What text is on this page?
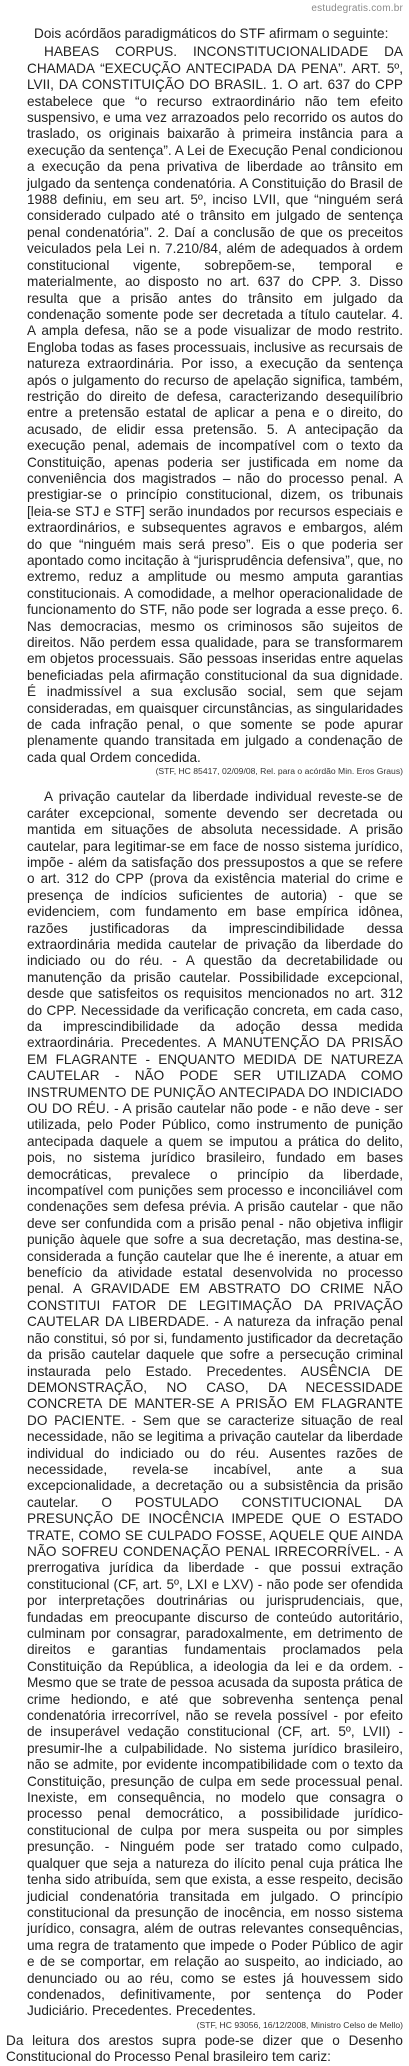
estudegratis.com.br

Dois acórdãos paradigmáticos do STF afirmam o seguinte:

HABEAS CORPUS. INCONSTITUCIONALIDADE DA CHAMADA “EXECUÇÃO ANTECIPADA DA PENA”. ART. 5º, LVII, DA CONSTITUIÇÃO DO BRASIL. 1. O art. 637 do CPP estabelece que “o recurso extraordinário não tem efeito suspensivo, e uma vez arrazoados pelo recorrido os autos do traslado, os originais baixarão à primeira instância para a execução da sentença”. A Lei de Execução Penal condicionou a execução da pena privativa de liberdade ao trânsito em julgado da sentença condenatória. A Constituição do Brasil de 1988 definiu, em seu art. 5º, inciso LVII, que “ninguém será considerado culpado até o trânsito em julgado de sentença penal condenatória”. 2. Daí a conclusão de que os preceitos veiculados pela Lei n. 7.210/84, além de adequados à ordem constitucional vigente, sobrepõem-se, temporal e materialmente, ao disposto no art. 637 do CPP. 3. Disso resulta que a prisão antes do trânsito em julgado da condenação somente pode ser decretada a título cautelar. 4. A ampla defesa, não se a pode visualizar de modo restrito. Engloba todas as fases processuais, inclusive as recursais de natureza extraordinária. Por isso, a execução da sentença após o julgamento do recurso de apelação significa, também, restrição do direito de defesa, caracterizando desequilíbrio entre a pretensão estatal de aplicar a pena e o direito, do acusado, de elidir essa pretensão. 5. A antecipação da execução penal, ademais de incompatível com o texto da Constituição, apenas poderia ser justificada em nome da conveniência dos magistrados – não do processo penal. A prestigiar-se o princípio constitucional, dizem, os tribunais [leia-se STJ e STF] serão inundados por recursos especiais e extraordinários, e subsequentes agravos e embargos, além do que “ninguém mais será preso”. Eis o que poderia ser apontado como incitação à “jurisprudência defensiva”, que, no extremo, reduz a amplitude ou mesmo amputa garantias constitucionais. A comodidade, a melhor operacionalidade de funcionamento do STF, não pode ser lograda a esse preço. 6. Nas democracias, mesmo os criminosos são sujeitos de direitos. Não perdem essa qualidade, para se transformarem em objetos processuais. São pessoas inseridas entre aquelas beneficiadas pela afirmação constitucional da sua dignidade. É inadmissível a sua exclusão social, sem que sejam consideradas, em quaisquer circunstâncias, as singularidades de cada infração penal, o que somente se pode apurar plenamente quando transitada em julgado a condenação de cada qual Ordem concedida.

(STF, HC 85417, 02/09/08, Rel. para o acórdão Min. Eros Graus)

A privação cautelar da liberdade individual reveste-se de caráter excepcional, somente devendo ser decretada ou mantida em situações de absoluta necessidade. A prisão cautelar, para legitimar-se em face de nosso sistema jurídico, impõe - além da satisfação dos pressupostos a que se refere o art. 312 do CPP (prova da existência material do crime e presença de indícios suficientes de autoria) - que se evidenciem, com fundamento em base empírica idônea, razões justificadoras da imprescindibilidade dessa extraordinária medida cautelar de privação da liberdade do indiciado ou do réu. - A questão da decretabilidade ou manutenção da prisão cautelar. Possibilidade excepcional, desde que satisfeitos os requisitos mencionados no art. 312 do CPP. Necessidade da verificação concreta, em cada caso, da imprescindibilidade da adoção dessa medida extraordinária. Precedentes. A MANUTENÇÃO DA PRISÃO EM FLAGRANTE - ENQUANTO MEDIDA DE NATUREZA CAUTELAR - NÃO PODE SER UTILIZADA COMO INSTRUMENTO DE PUNIÇÃO ANTECIPADA DO INDICIADO OU DO RÉU. - A prisão cautelar não pode - e não deve - ser utilizada, pelo Poder Público, como instrumento de punição antecipada daquele a quem se imputou a prática do delito, pois, no sistema jurídico brasileiro, fundado em bases democráticas, prevalece o princípio da liberdade, incompatível com punições sem processo e inconciliável com condenações sem defesa prévia. A prisão cautelar - que não deve ser confundida com a prisão penal - não objetiva infligir punição àquele que sofre a sua decretação, mas destina-se, considerada a função cautelar que lhe é inerente, a atuar em benefício da atividade estatal desenvolvida no processo penal. A GRAVIDADE EM ABSTRATO DO CRIME NÃO CONSTITUI FATOR DE LEGITIMAÇÃO DA PRIVAÇÃO CAUTELAR DA LIBERDADE. - A natureza da infração penal não constitui, só por si, fundamento justificador da decretação da prisão cautelar daquele que sofre a persecução criminal instaurada pelo Estado. Precedentes. AUSÊNCIA DE DEMONSTRAÇÃO, NO CASO, DA NECESSIDADE CONCRETA DE MANTER-SE A PRISÃO EM FLAGRANTE DO PACIENTE. - Sem que se caracterize situação de real necessidade, não se legitima a privação cautelar da liberdade individual do indiciado ou do réu. Ausentes razões de necessidade, revela-se incabível, ante a sua excepcionalidade, a decretação ou a subsistência da prisão cautelar. O POSTULADO CONSTITUCIONAL DA PRESUNÇÃO DE INOCÊNCIA IMPEDE QUE O ESTADO TRATE, COMO SE CULPADO FOSSE, AQUELE QUE AINDA NÃO SOFREU CONDENAÇÃO PENAL IRRECORRÍVEL. - A prerrogativa jurídica da liberdade - que possui extração constitucional (CF, art. 5º, LXI e LXV) - não pode ser ofendida por interpretações doutrinárias ou jurisprudenciais, que, fundadas em preocupante discurso de conteúdo autoritário, culminam por consagrar, paradoxalmente, em detrimento de direitos e garantias fundamentais proclamados pela Constituição da República, a ideologia da lei e da ordem. - Mesmo que se trate de pessoa acusada da suposta prática de crime hediondo, e até que sobrevenha sentença penal condenatória irrecorrível, não se revela possível - por efeito de insuperável vedação constitucional (CF, art. 5º, LVII) - presumir-lhe a culpabilidade. No sistema jurídico brasileiro, não se admite, por evidente incompatibilidade com o texto da Constituição, presunção de culpa em sede processual penal. Inexiste, em consequência, no modelo que consagra o processo penal democrático, a possibilidade jurídico-constitucional de culpa por mera suspeita ou por simples presunção. - Ninguém pode ser tratado como culpado, qualquer que seja a natureza do ilícito penal cuja prática lhe tenha sido atribuída, sem que exista, a esse respeito, decisão judicial condenatória transitada em julgado. O princípio constitucional da presunção de inocência, em nosso sistema jurídico, consagra, além de outras relevantes consequências, uma regra de tratamento que impede o Poder Público de agir e de se comportar, em relação ao suspeito, ao indiciado, ao denunciado ou ao réu, como se estes já houvessem sido condenados, definitivamente, por sentença do Poder Judiciário. Precedentes. Precedentes.

(STF, HC 93056, 16/12/2008, Ministro Celso de Mello)

Da leitura dos arestos supra pode-se dizer que o Desenho Constitucional do Processo Penal brasileiro tem cariz:
